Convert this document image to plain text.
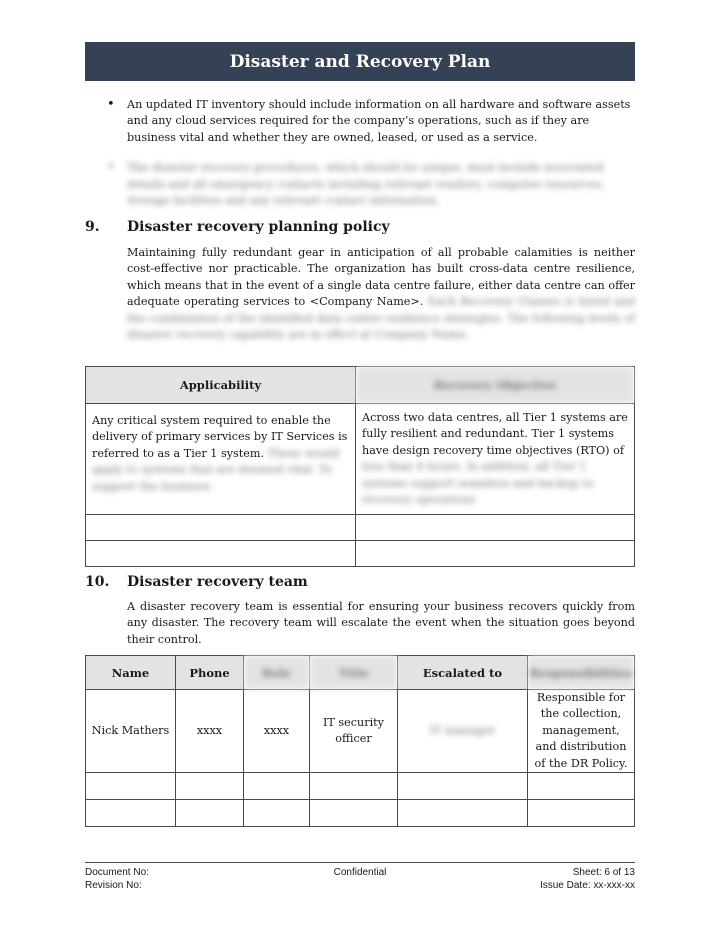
Disaster and Recovery Plan
• An updated IT inventory should include information on all hardware and software assets and any cloud services required for the company’s operations, such as if they are business vital and whether they are owned, leased, or used as a service.
• The disaster recovery procedures, which should be unique, must include associated details and all emergency contacts including relevant vendors, computer resources, storage facilities and any relevant contact information.
9.	Disaster recovery planning policy
Maintaining fully redundant gear in anticipation of all probable calamities is neither cost-effective nor practicable. The organization has built cross-data centre resilience, which means that in the event of a single data centre failure, either data centre can offer adequate operating services to <Company Name>. Each Recovery Classes is listed and the combination of the identified data centre resilience strategies. The following levels of disaster recovery capability are in effect at Company Name.
Applicability	Recovery Objective
Any critical system required to enable the delivery of primary services by IT Services is referred to as a Tier 1 system. These would apply to systems that are deemed vital. To support the business	Across two data centres, all Tier 1 systems are fully resilient and redundant. Tier 1 systems have design recovery time objectives (RTO) of less than 4 hours. In addition, all Tier 1 systems support seamless and backup to recovery operations

10.	Disaster recovery team
A disaster recovery team is essential for ensuring your business recovers quickly from any disaster. The recovery team will escalate the event when the situation goes beyond their control.
Name	Phone	Role	Title	Escalated to	Responsibilities
Nick Mathers	xxxx	xxxx	IT security officer	IT manager	Responsible for the collection, management, and distribution of the DR Policy.

Document No:
Revision No:
Confidential	Sheet: 6 of 13
Issue Date: xx-xxx-xx
